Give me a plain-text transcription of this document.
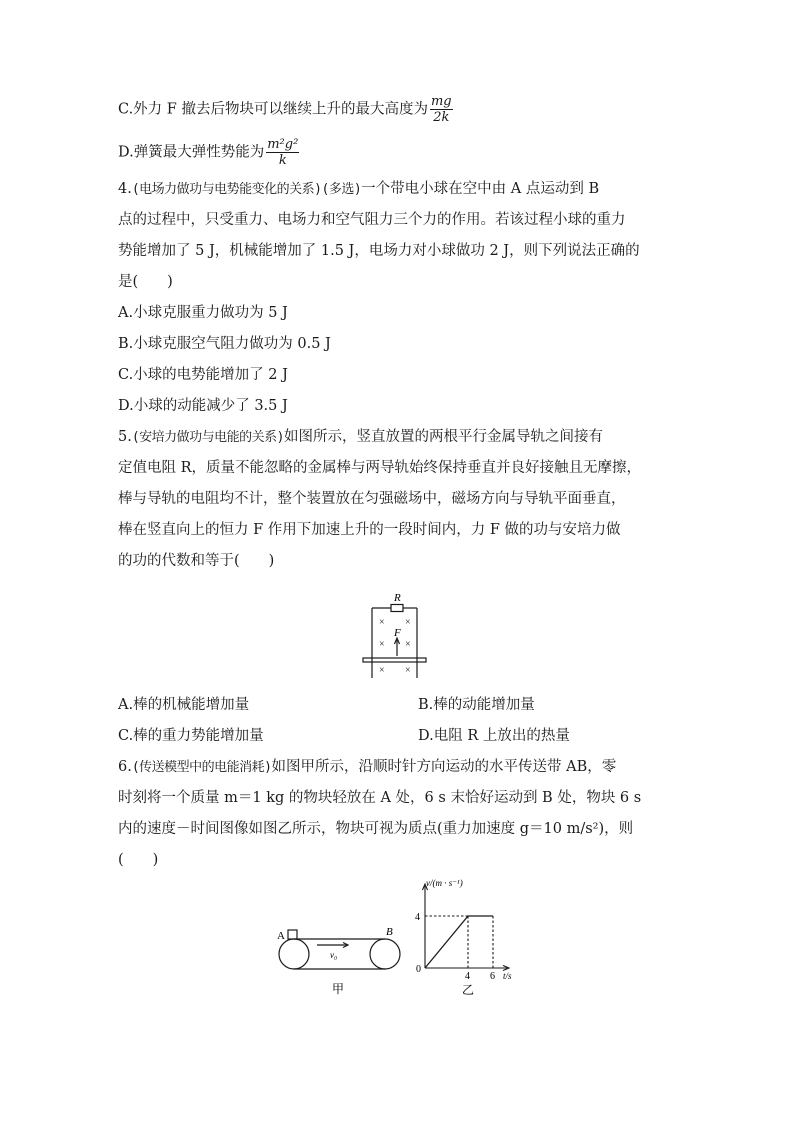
C.外力 F 撤去后物块可以继续上升的最大高度为 $\frac{mg}{2k}$
D.弹簧最大弹性势能为 $\frac{\text{m²g²}}{k}$
4.(电场力做功与电势能变化的关系)(多选)一个带电小球在空中由 A 点运动到 B
点的过程中，只受重力、电场力和空气阻力三个力的作用。若该过程小球的重力
势能增加了 5 J，机械能增加了 1.5 J，电场力对小球做功 2 J，则下列说法正确的
是(　　)
A.小球克服重力做功为 5 J
B.小球克服空气阻力做功为 0.5 J
C.小球的电势能增加了 2 J
D.小球的动能减少了 3.5 J
5.(安培力做功与电能的关系)如图所示，竖直放置的两根平行金属导轨之间接有
定值电阻 R，质量不能忽略的金属棒与两导轨始终保持垂直并良好接触且无摩擦，
棒与导轨的电阻均不计，整个装置放在匀强磁场中，磁场方向与导轨平面垂直，
棒在竖直向上的恒力 F 作用下加速上升的一段时间内，力 F 做的功与安培力做
的功的代数和等于(　　)
R
F
× ×
× ×
× ×
A.棒的机械能增加量	B.棒的动能增加量
C.棒的重力势能增加量	D.电阻 R 上放出的热量
6.(传送模型中的电能消耗)如图甲所示，沿顺时针方向运动的水平传送带 AB，零
时刻将一个质量 m＝1 kg 的物块轻放在 A 处，6 s 末恰好运动到 B 处，物块 6 s
内的速度－时间图像如图乙所示，物块可视为质点(重力加速度 g＝10 m/s²)，则
(　　)
A	B
v₀
甲
v/(m · s⁻¹)
4
0
4 6 t/s
乙
